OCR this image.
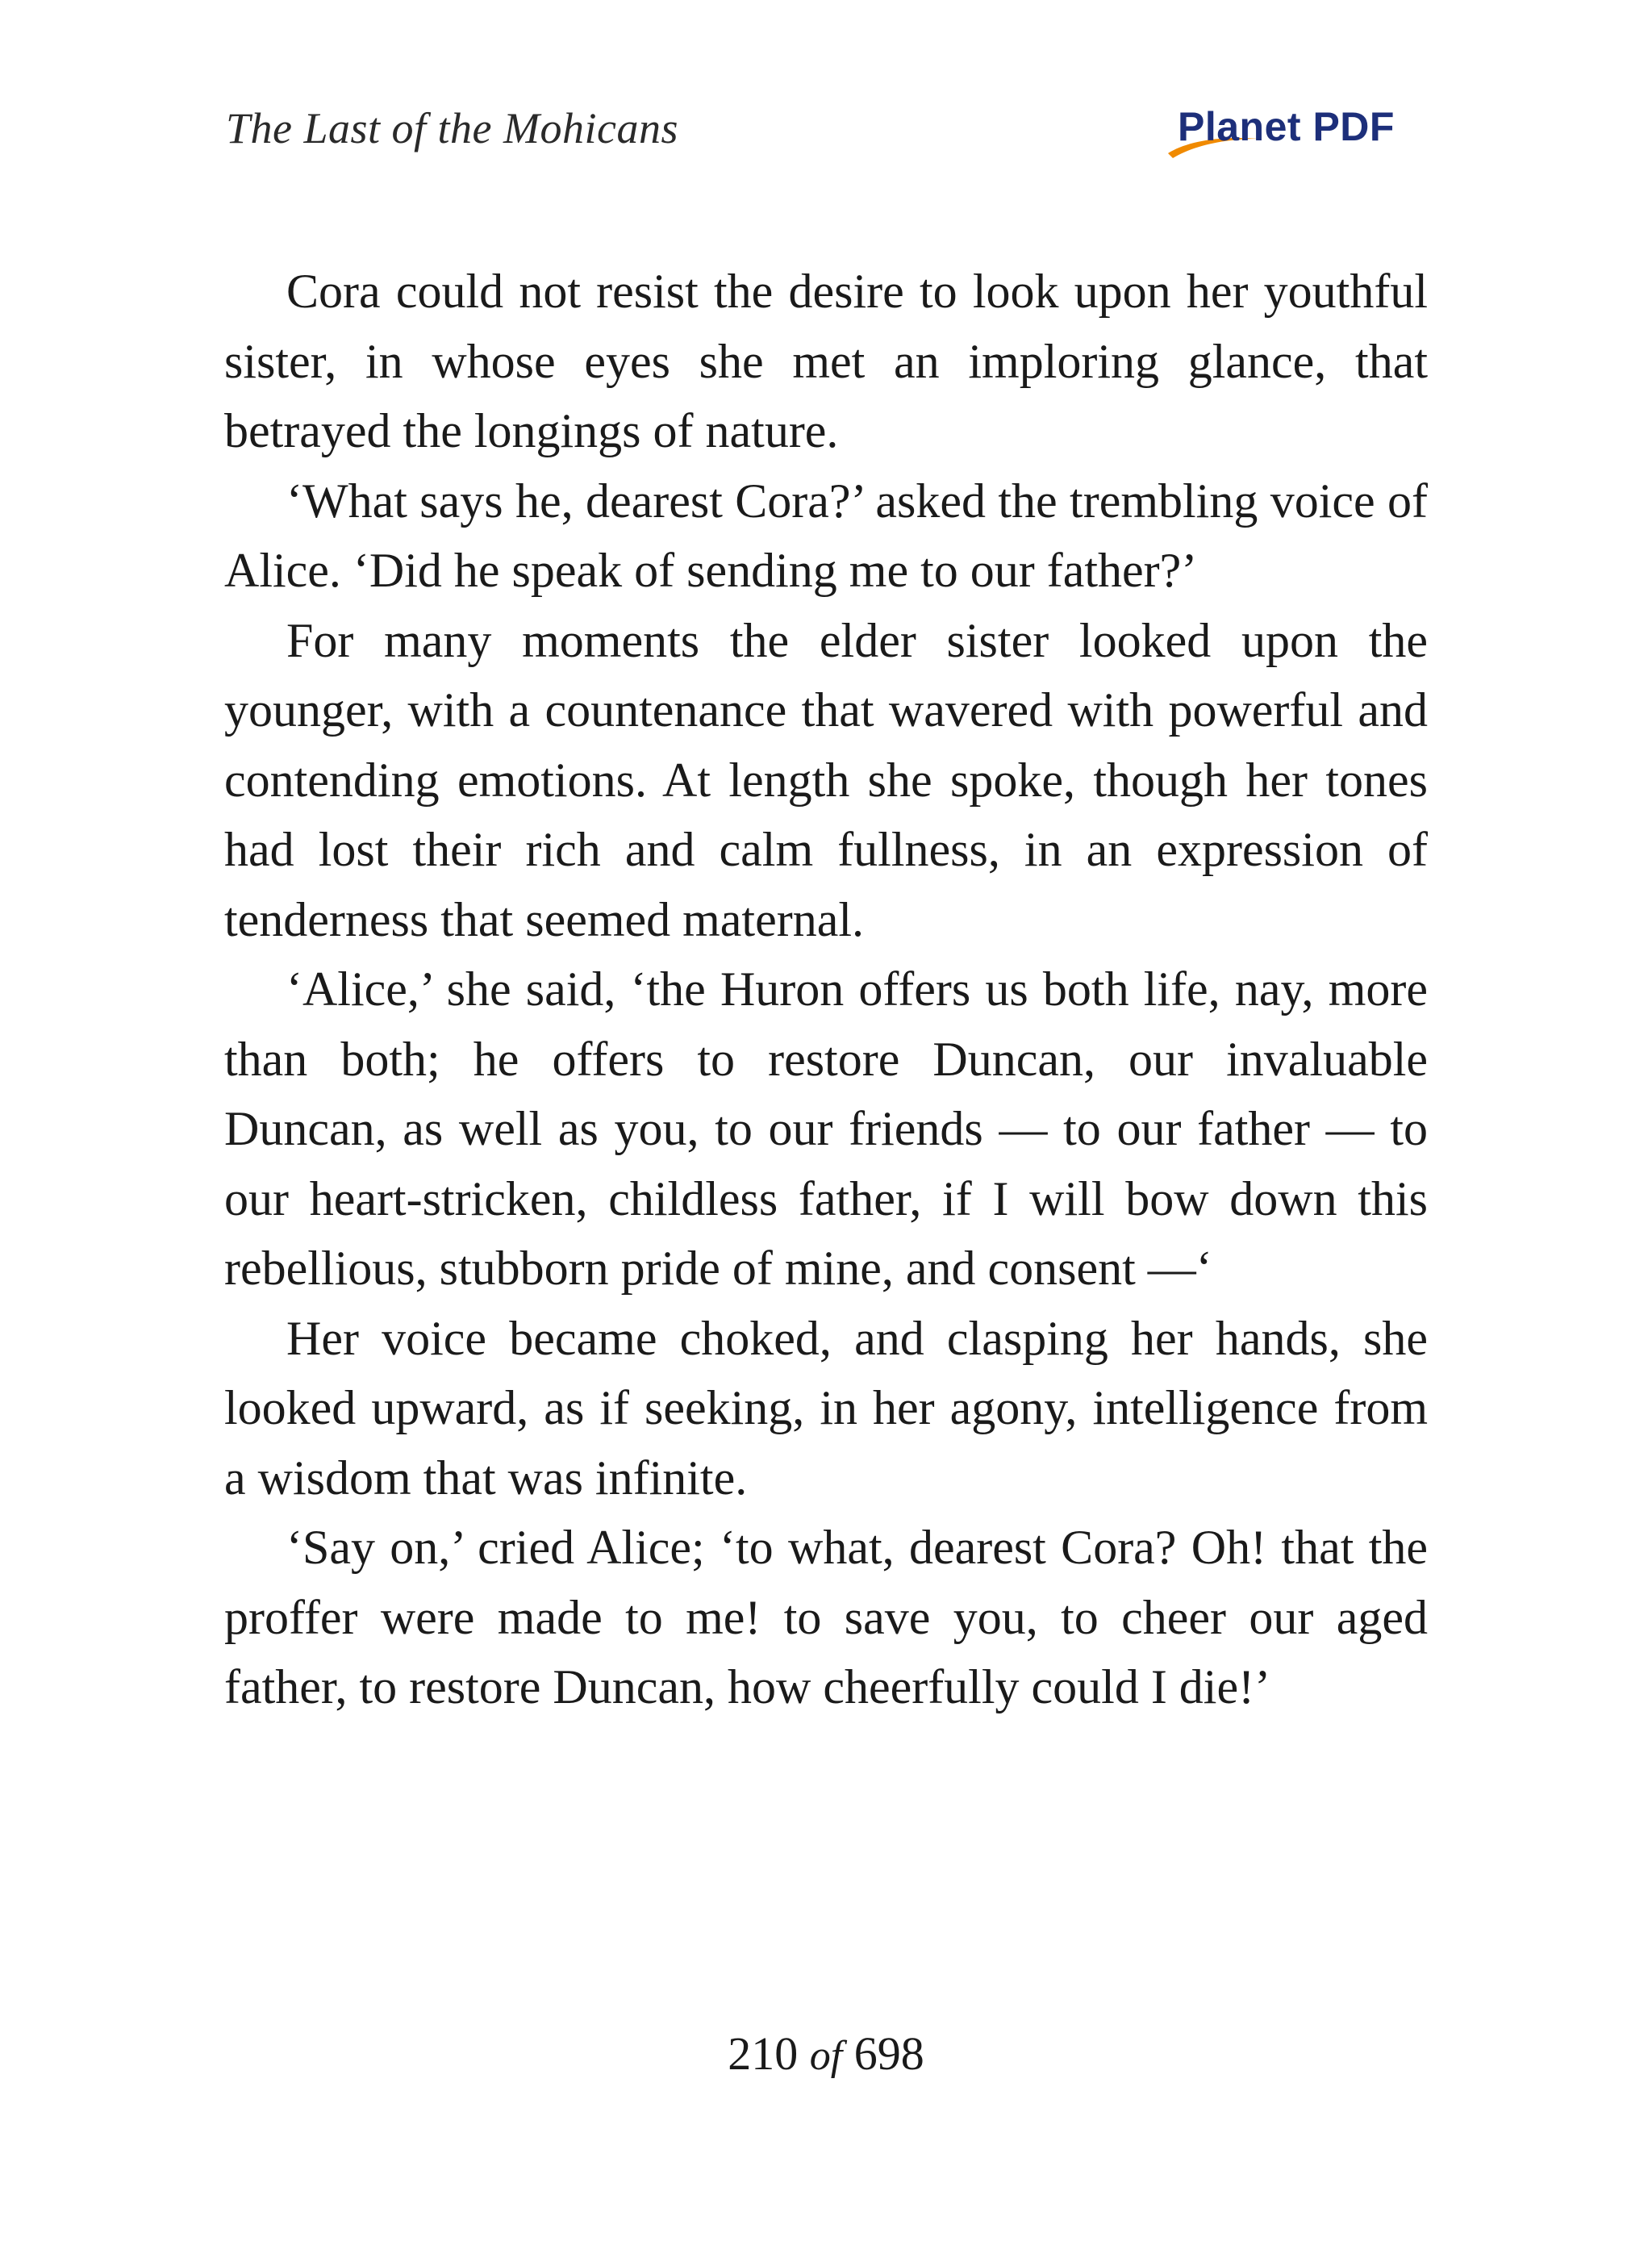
The Last of the Mohicans	Planet PDF

Cora could not resist the desire to look upon her youthful sister, in whose eyes she met an imploring glance, that betrayed the longings of nature.

‘What says he, dearest Cora?’ asked the trembling voice of Alice. ‘Did he speak of sending me to our father?’

For many moments the elder sister looked upon the younger, with a countenance that wavered with powerful and contending emotions. At length she spoke, though her tones had lost their rich and calm fullness, in an expression of tenderness that seemed maternal.

‘Alice,’ she said, ‘the Huron offers us both life, nay, more than both; he offers to restore Duncan, our invaluable Duncan, as well as you, to our friends — to our father — to our heart-stricken, childless father, if I will bow down this rebellious, stubborn pride of mine, and consent —‘

Her voice became choked, and clasping her hands, she looked upward, as if seeking, in her agony, intelligence from a wisdom that was infinite.

‘Say on,’ cried Alice; ‘to what, dearest Cora? Oh! that the proffer were made to me! to save you, to cheer our aged father, to restore Duncan, how cheerfully could I die!’

210 of 698
